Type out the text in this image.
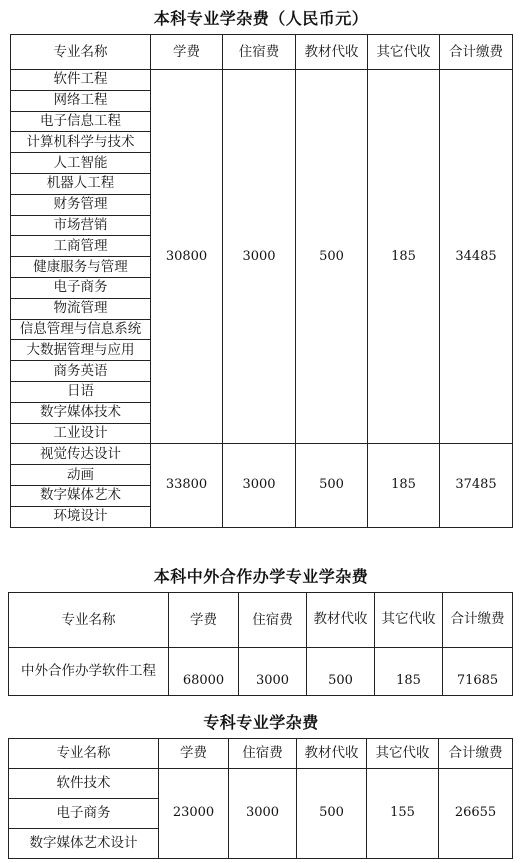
本科专业学杂费（人民币元）
专业名称	学费	住宿费	教材代收	其它代收	合计缴费
软件工程	30800	3000	500	185	34485
网络工程					
电子信息工程					
计算机科学与技术					
人工智能					
机器人工程					
财务管理					
市场营销					
工商管理					
健康服务与管理					
电子商务					
物流管理					
信息管理与信息系统					
大数据管理与应用					
商务英语					
日语					
数字媒体技术					
工业设计					
视觉传达设计	33800	3000	500	185	37485
动画					
数字媒体艺术					
环境设计					
本科中外合作办学专业学杂费
专业名称	学费	住宿费	教材代收	其它代收	合计缴费
中外合作办学软件工程	68000	3000	500	185	71685
专科专业学杂费
专业名称	学费	住宿费	教材代收	其它代收	合计缴费
软件技术	23000	3000	500	155	26655
电子商务					
数字媒体艺术设计					
